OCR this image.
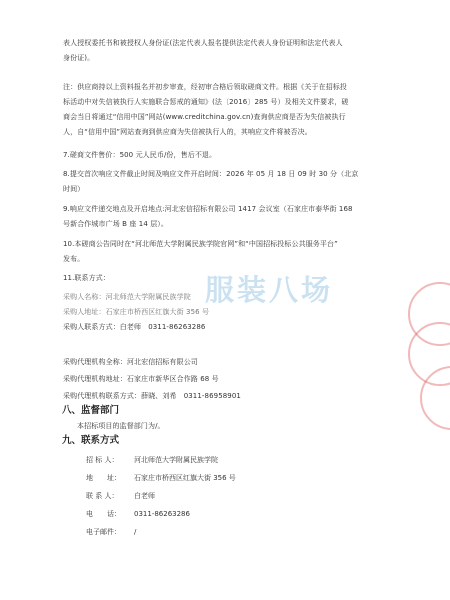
表人授权委托书和被授权人身份证(法定代表人报名提供法定代表人身份证明和法定代表人

身份证)。

注：供应商持以上资料报名并初步审查，经初审合格后领取磋商文件。根据《关于在招标投

标活动中对失信被执行人实施联合惩戒的通知》(法〔2016〕285 号）及相关文件要求，磋

商会当日将通过“信用中国”网站(www.creditchina.gov.cn)查询供应商是否为失信被执行

人，自“信用中国”网站查询到供应商为失信被执行人的，其响应文件将被否决。

7.磋商文件售价：500 元人民币/份，售后不退。

8.提交首次响应文件截止时间及响应文件开启时间：2026 年 05 月 18 日 09 时 30 分（北京

时间）

9.响应文件递交地点及开启地点:河北宏信招标有限公司 1417 会议室（石家庄市泰华街 168

号新合作城市广场 B 座 14 层）。

10.本磋商公告同时在“河北师范大学附属民族学院官网”和“中国招标投标公共服务平台”

发布。

11.联系方式：

采购人名称：河北师范大学附属民族学院

采购人地址：石家庄市桥西区红旗大街 356 号

采购人联系方式：白老师　0311-86263286

采购代理机构全称：河北宏信招标有限公司

采购代理机构地址：石家庄市新华区合作路 68 号

采购代理机构联系方式：薛晓、刘希　0311-86958901

八、监督部门

本招标项目的监督部门为/。

九、联系方式
招 标 人： 河北师范大学附属民族学院
地　　址： 石家庄市桥西区红旗大街 356 号
联 系 人： 白老师
电　　话： 0311-86263286
电子邮件： /
服装八场
